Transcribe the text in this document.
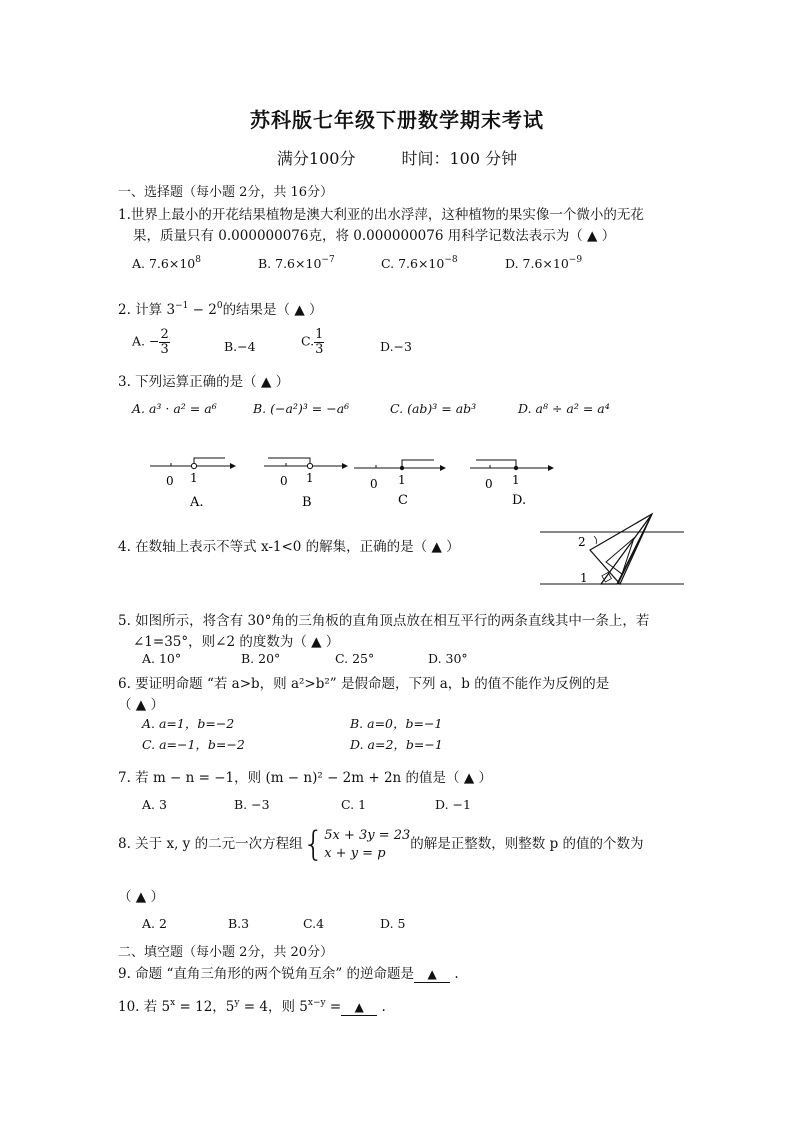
苏科版七年级下册数学期末考试
满分100分	时间：100 分钟
一、选择题（每小题 2分，共 16分）
1.世界上最小的开花结果植物是澳大利亚的出水浮萍，这种植物的果实像一个微小的无花
果，质量只有 0.000000076克，将 0.000000076 用科学记数法表示为（ ▲ ）
A. $7.6\times 10^8$	B. $7.6\times 10^{-7}$	C. $7.6\times 10^{-8}$	D. $7.6\times 10^{-9}$
2. 计算 $3^{-1} - 2^0$的结果是（ ▲ ）
A. − $\frac{2}{3}$	B.−4	C. $\frac{1}{3}$	D.−3
3. 下列运算正确的是（ ▲ ）
A. a³ · a² = a⁶	B. (−a²)³ = −a⁶	C. (ab)³ = ab³	D. a⁸ ÷ a² = a⁴
0 1
A.
0 1
B
0 1
C
0 1
D.
4. 在数轴上表示不等式 x-1<0 的解集，正确的是（ ▲ ）	2
1
5. 如图所示，将含有 30°角的三角板的直角顶点放在相互平行的两条直线其中一条上，若
∠1=35°，则∠2 的度数为（ ▲ ）
A. 10°	B. 20°	C. 25°	D. 30°
6. 要证明命题 “若 a>b，则 a²>b²” 是假命题，下列 a，b 的值不能作为反例的是
（ ▲ ）
A. a=1，b=−2	B. a=0，b=−1
C. a=−1，b=−2	D. a=2，b=−1
7. 若 m − n = −1，则 (m − n)² − 2m + 2n 的值是（ ▲ ）
A. 3	B. −3	C. 1	D. −1
8. 关于 x, y 的二元一次方程组{ 5x + 3y = 23
x + y = p
的解是正整数，则整数 p 的值的个数为
（ ▲ ）
A. 2	B.3	C.4	D. 5
二、填空题（每小题 2分，共 20分）
9. 命题 “直角三角形的两个锐角互余” 的逆命题是 ▲ .
10. 若 $5^x = 12$，$5^y = 4$，则 $5^{x-y}$ = ▲ .
